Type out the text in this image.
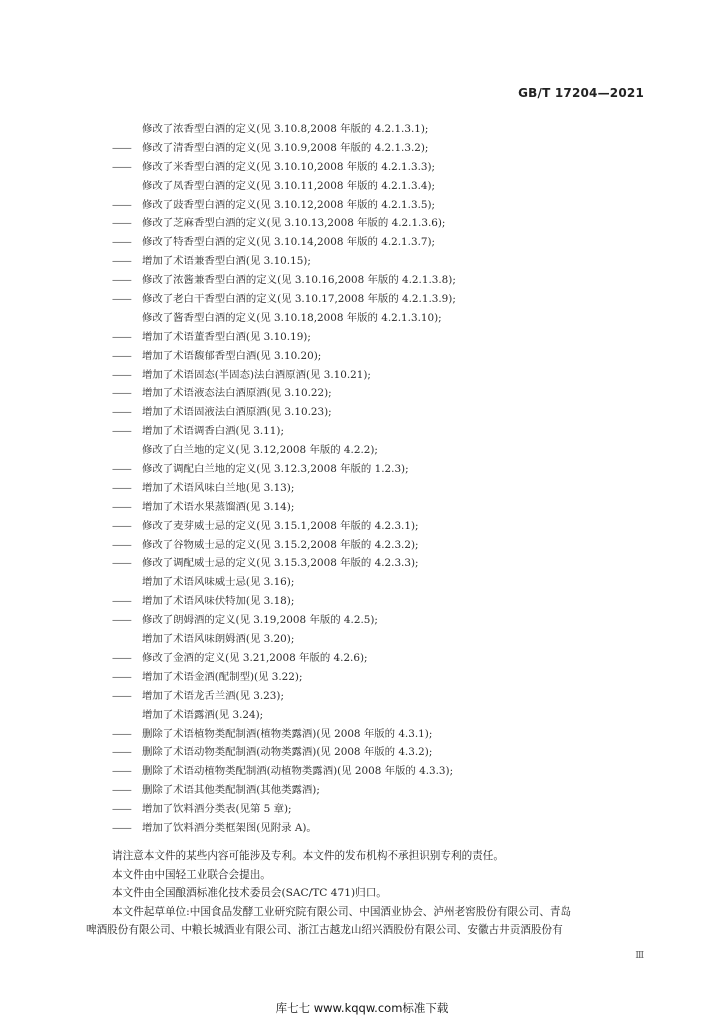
GB/T 17204—2021
修改了浓香型白酒的定义(见 3.10.8,2008 年版的 4.2.1.3.1);
—— 修改了清香型白酒的定义(见 3.10.9,2008 年版的 4.2.1.3.2);
—— 修改了米香型白酒的定义(见 3.10.10,2008 年版的 4.2.1.3.3);
修改了凤香型白酒的定义(见 3.10.11,2008 年版的 4.2.1.3.4);
—— 修改了豉香型白酒的定义(见 3.10.12,2008 年版的 4.2.1.3.5);
—— 修改了芝麻香型白酒的定义(见 3.10.13,2008 年版的 4.2.1.3.6);
—— 修改了特香型白酒的定义(见 3.10.14,2008 年版的 4.2.1.3.7);
—— 增加了术语兼香型白酒(见 3.10.15);
—— 修改了浓酱兼香型白酒的定义(见 3.10.16,2008 年版的 4.2.1.3.8);
—— 修改了老白干香型白酒的定义(见 3.10.17,2008 年版的 4.2.1.3.9);
修改了酱香型白酒的定义(见 3.10.18,2008 年版的 4.2.1.3.10);
—— 增加了术语董香型白酒(见 3.10.19);
—— 增加了术语馥郁香型白酒(见 3.10.20);
—— 增加了术语固态(半固态)法白酒原酒(见 3.10.21);
—— 增加了术语液态法白酒原酒(见 3.10.22);
—— 增加了术语固液法白酒原酒(见 3.10.23);
—— 增加了术语调香白酒(见 3.11);
修改了白兰地的定义(见 3.12,2008 年版的 4.2.2);
—— 修改了调配白兰地的定义(见 3.12.3,2008 年版的 1.2.3);
—— 增加了术语风味白兰地(见 3.13);
—— 增加了术语水果蒸馏酒(见 3.14);
—— 修改了麦芽威士忌的定义(见 3.15.1,2008 年版的 4.2.3.1);
—— 修改了谷物威士忌的定义(见 3.15.2,2008 年版的 4.2.3.2);
—— 修改了调配威士忌的定义(见 3.15.3,2008 年版的 4.2.3.3);
增加了术语风味威士忌(见 3.16);
—— 增加了术语风味伏特加(见 3.18);
—— 修改了朗姆酒的定义(见 3.19,2008 年版的 4.2.5);
增加了术语风味朗姆酒(见 3.20);
—— 修改了金酒的定义(见 3.21,2008 年版的 4.2.6);
—— 增加了术语金酒(配制型)(见 3.22);
—— 增加了术语龙舌兰酒(见 3.23);
增加了术语露酒(见 3.24);
—— 删除了术语植物类配制酒(植物类露酒)(见 2008 年版的 4.3.1);
—— 删除了术语动物类配制酒(动物类露酒)(见 2008 年版的 4.3.2);
—— 删除了术语动植物类配制酒(动植物类露酒)(见 2008 年版的 4.3.3);
—— 删除了术语其他类配制酒(其他类露酒);
—— 增加了饮料酒分类表(见第 5 章);
—— 增加了饮料酒分类框架图(见附录 A)。
请注意本文件的某些内容可能涉及专利。本文件的发布机构不承担识别专利的责任。
本文件由中国轻工业联合会提出。
本文件由全国酿酒标准化技术委员会(SAC/TC 471)归口。
本文件起草单位:中国食品发酵工业研究院有限公司、中国酒业协会、泸州老窖股份有限公司、青岛
啤酒股份有限公司、中粮长城酒业有限公司、浙江古越龙山绍兴酒股份有限公司、安徽古井贡酒股份有
Ⅲ
库七七 www.kqqw.com标准下载
